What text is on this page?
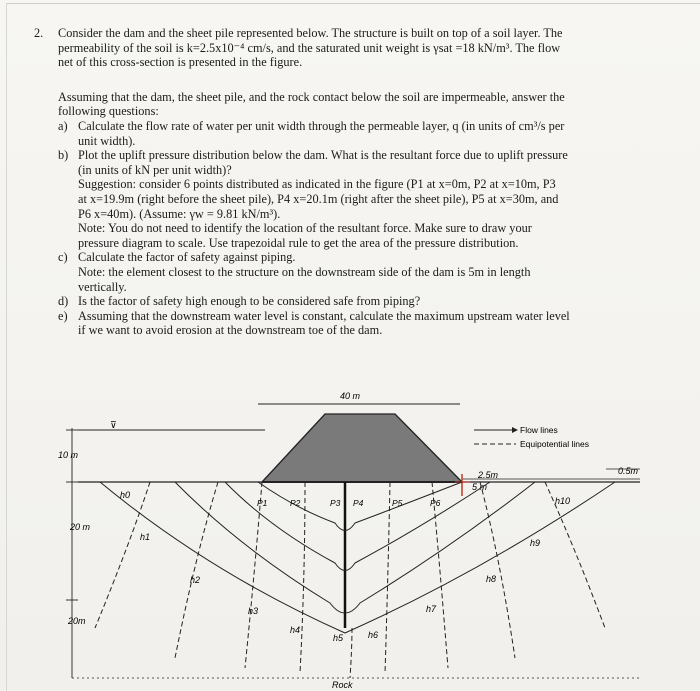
2. Consider the dam and the sheet pile represented below. The structure is built on top of a soil layer. The
permeability of the soil is k=2.5x10⁻⁴ cm/s, and the saturated unit weight is γsat =18 kN/m³. The flow
net of this cross-section is presented in the figure.
Assuming that the dam, the sheet pile, and the rock contact below the soil are impermeable, answer the
following questions:
a) Calculate the flow rate of water per unit width through the permeable layer, q (in units of cm³/s per
unit width).
b) Plot the uplift pressure distribution below the dam. What is the resultant force due to uplift pressure
(in units of kN per unit width)?
Suggestion: consider 6 points distributed as indicated in the figure (P1 at x=0m, P2 at x=10m, P3
at x=19.9m (right before the sheet pile), P4 x=20.1m (right after the sheet pile), P5 at x=30m, and
P6 x=40m). (Assume: γw = 9.81 kN/m³).
Note: You do not need to identify the location of the resultant force. Make sure to draw your
pressure diagram to scale. Use trapezoidal rule to get the area of the pressure distribution.
c) Calculate the factor of safety against piping.
Note: the element closest to the structure on the downstream side of the dam is 5m in length
vertically.
d) Is the factor of safety high enough to be considered safe from piping?
e) Assuming that the downstream water level is constant, calculate the maximum upstream water level
if we want to avoid erosion at the downstream toe of the dam.
40 m
⊽
10 m
20 m
20m
Flow lines
Equipotential lines
2.5m
5 m
0.5m
Rock
P1	P2	P3 P4	P5	P6
h0
h1
h2
h3
h4
h5	h6
h7
h8
h9
h10
